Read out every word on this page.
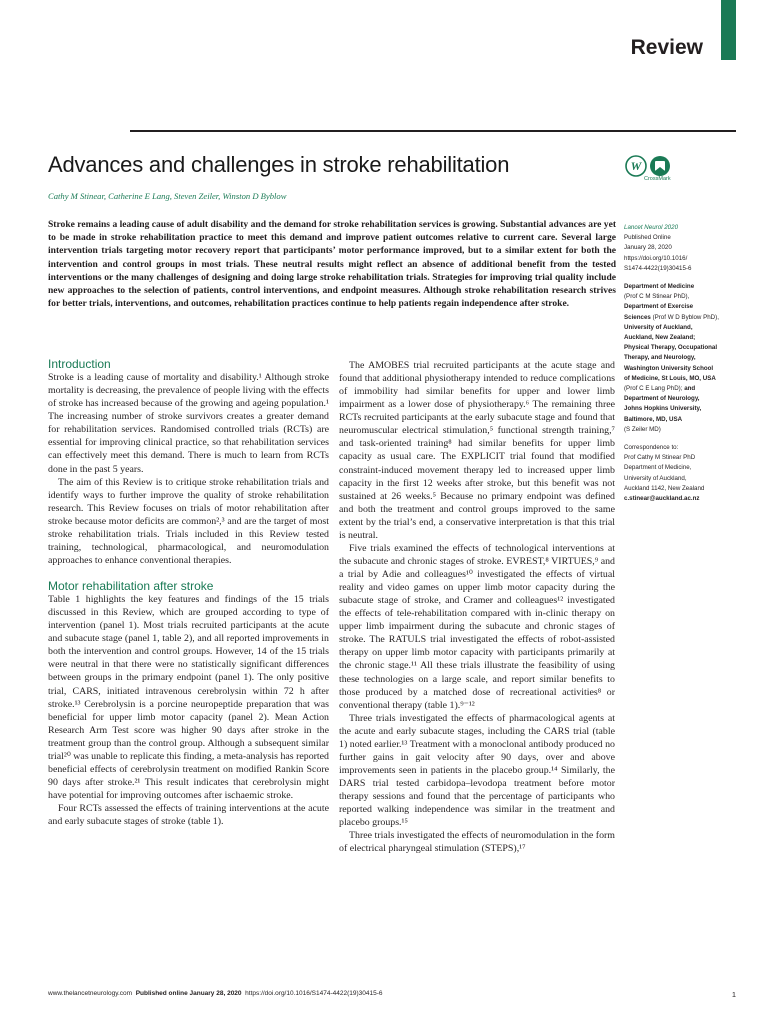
Review
Advances and challenges in stroke rehabilitation
Cathy M Stinear, Catherine E Lang, Steven Zeiler, Winston D Byblow
W
CrossMark
Stroke remains a leading cause of adult disability and the demand for stroke rehabilitation services is growing. Substantial advances are yet to be made in stroke rehabilitation practice to meet this demand and improve patient outcomes relative to current care. Several large intervention trials targeting motor recovery report that participants’ motor performance improved, but to a similar extent for both the intervention and control groups in most trials. These neutral results might reflect an absence of additional benefit from the tested interventions or the many challenges of designing and doing large stroke rehabilitation trials. Strategies for improving trial quality include new approaches to the selection of patients, control interventions, and endpoint measures. Although stroke rehabilitation research strives for better trials, interventions, and outcomes, rehabilitation practices continue to help patients regain independence after stroke.
Introduction

Stroke is a leading cause of mortality and disability.¹ Although stroke mortality is decreasing, the prevalence of people living with the effects of stroke has increased because of the growing and ageing population.¹ The increasing number of stroke survivors creates a greater demand for rehabilitation services. Randomised controlled trials (RCTs) are essential for improving clinical practice, so that rehabilitation services can effectively meet this demand. There is much to learn from RCTs done in the past 5 years.

The aim of this Review is to critique stroke rehabilitation trials and identify ways to further improve the quality of stroke rehabilitation research. This Review focuses on trials of motor rehabilitation after stroke because motor deficits are common²,³ and are the target of most stroke rehabilitation trials. Trials included in this Review tested training, technological, pharmacological, and neuromodulation approaches to enhance conventional therapies.

Motor rehabilitation after stroke

Table 1 highlights the key features and findings of the 15 trials discussed in this Review, which are grouped according to type of intervention (panel 1). Most trials recruited participants at the acute and subacute stage (panel 1, table 2), and all reported improvements in both the intervention and control groups. However, 14 of the 15 trials were neutral in that there were no statistically significant differences between groups in the primary endpoint (panel 1). The only positive trial, CARS, initiated intravenous cerebrolysin within 72 h after stroke.¹³ Cerebrolysin is a porcine neuropeptide preparation that was beneficial for upper limb motor capacity (panel 2). Mean Action Research Arm Test score was higher 90 days after stroke in the treatment group than the control group. Although a subsequent similar trial²⁰ was unable to replicate this finding, a meta-analysis has reported beneficial effects of cerebrolysin treatment on modified Rankin Score 90 days after stroke.²¹ This result indicates that cerebrolysin might have potential for improving outcomes after ischaemic stroke.

Four RCTs assessed the effects of training interventions at the acute and early subacute stages of stroke (table 1).

The AMOBES trial recruited participants at the acute stage and found that additional physiotherapy intended to reduce complications of immobility had similar benefits for upper and lower limb impairment as a lower dose of physiotherapy.⁶ The remaining three RCTs recruited participants at the early subacute stage and found that neuromuscular electrical stimulation,⁵ functional strength training,⁷ and task-oriented training⁸ had similar benefits for upper limb capacity as usual care. The EXPLICIT trial found that modified constraint-induced movement therapy led to increased upper limb capacity in the first 12 weeks after stroke, but this benefit was not sustained at 26 weeks.⁵ Because no primary endpoint was defined and both the treatment and control groups improved to the same extent by the trial’s end, a conservative interpretation is that this trial is neutral.

Five trials examined the effects of technological interventions at the subacute and chronic stages of stroke. EVREST,⁸ VIRTUES,⁹ and a trial by Adie and colleagues¹⁰ investigated the effects of virtual reality and video games on upper limb motor capacity during the subacute stage of stroke, and Cramer and colleagues¹² investigated the effects of tele-rehabilitation compared with in-clinic therapy on upper limb impairment during the subacute and chronic stages of stroke. The RATULS trial investigated the effects of robot-assisted therapy on upper limb motor capacity with participants primarily at the chronic stage.¹¹ All these trials illustrate the feasibility of using these technologies on a large scale, and report similar benefits to those produced by a matched dose of recreational activities⁸ or conventional therapy (table 1).⁹⁻¹²

Three trials investigated the effects of pharmacological agents at the acute and early subacute stages, including the CARS trial (table 1) noted earlier.¹³ Treatment with a monoclonal antibody produced no further gains in gait velocity after 90 days, over and above improvements seen in patients in the placebo group.¹⁴ Similarly, the DARS trial tested carbidopa–levodopa treatment before motor therapy sessions and found that the percentage of participants who reported walking independence was similar in the treatment and placebo groups.¹⁵

Three trials investigated the effects of neuromodulation in the form of electrical pharyngeal stimulation (STEPS),¹⁷

Lancet Neurol 2020

Published Online

January 28, 2020

https://doi.org/10.1016/
S1474-4422(19)30415-6

Department of Medicine

(Prof C M Stinear PhD),

Department of Exercise

Sciences (Prof W D Byblow PhD),

University of Auckland,

Auckland, New Zealand;

Physical Therapy, Occupational

Therapy, and Neurology,

Washington University School

of Medicine, St Louis, MO, USA

(Prof C E Lang PhD); and

Department of Neurology,

Johns Hopkins University,

Baltimore, MD, USA

(S Zeiler MD)

Correspondence to:

Prof Cathy M Stinear PhD

Department of Medicine,

University of Auckland,

Auckland 1142, New Zealand

c.stinear@auckland.ac.nz

www.thelancetneurology.com Published online January 28, 2020 https://doi.org/10.1016/S1474-4422(19)30415-6	1
